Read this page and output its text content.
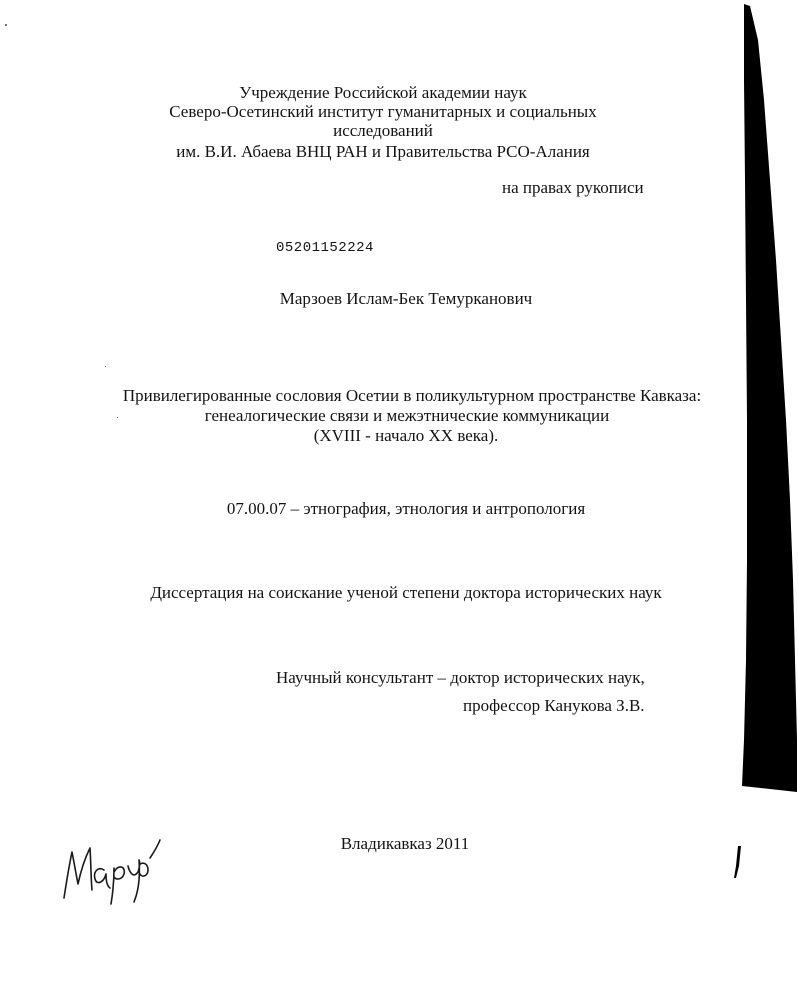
Учреждение Российской академии наук
Северо-Осетинский институт гуманитарных и социальных
исследований
им. В.И. Абаева ВНЦ РАН и Правительства РСО-Алания
на правах рукописи
05201152224
Марзоев Ислам-Бек Темурканович
Привилегированные сословия Осетии в поликультурном пространстве Кавказа:
генеалогические связи и межэтнические коммуникации
(XVIII - начало XX века).
07.00.07 – этнография, этнология и антропология
Диссертация на соискание ученой степени доктора исторических наук
Научный консультант – доктор исторических наук,
профессор Канукова З.В.
Владикавказ 2011
